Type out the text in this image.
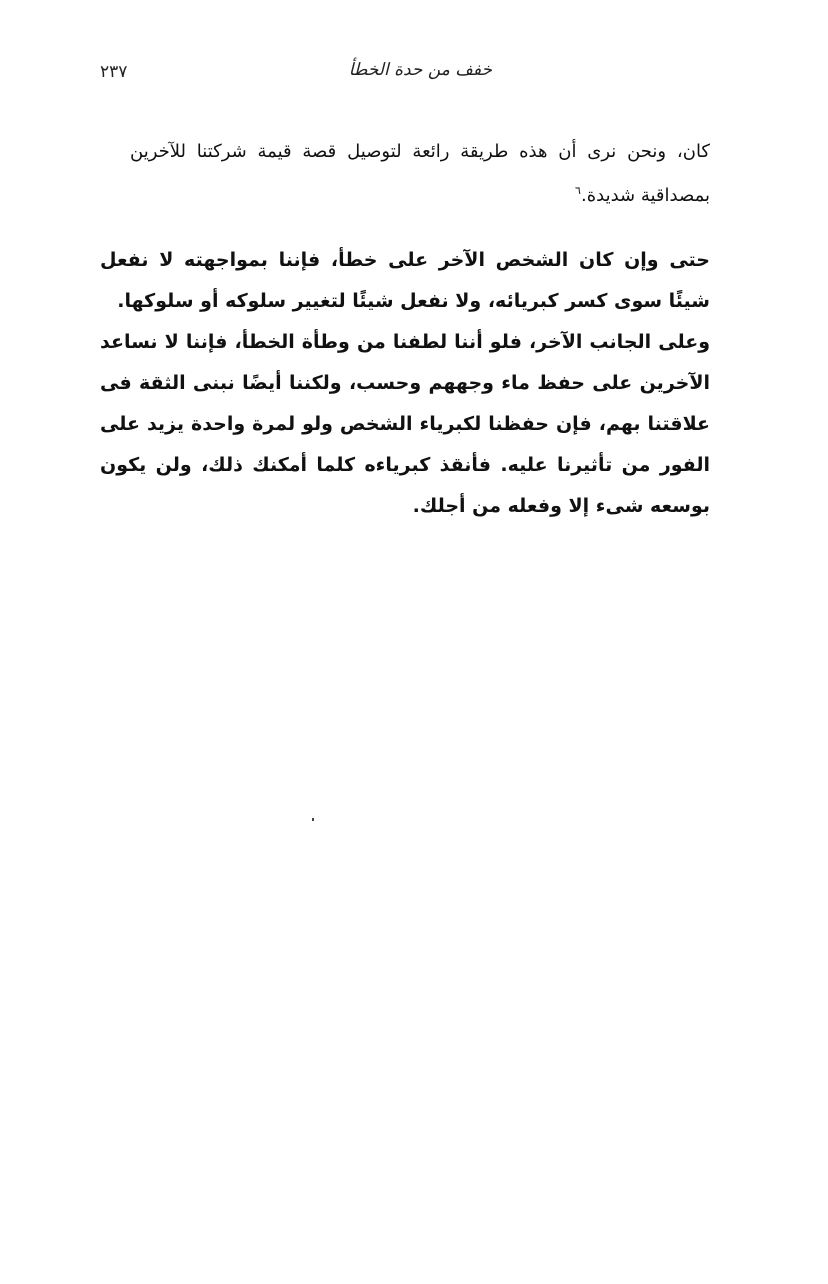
خفف من حدة الخطأ
٢٣٧
كان، ونحن نرى أن هذه طريقة رائعة لتوصيل قصة قيمة شركتنا للآخرين بمصداقية شديدة.$^٦$

حتى وإن كان الشخص الآخر على خطأ، فإننا بمواجهته لا نفعل شيئًا سوى كسر كبريائه، ولا نفعل شيئًا لتغيير سلوكه أو سلوكها.

وعلى الجانب الآخر، فلو أننا لطفنا من وطأة الخطأ، فإننا لا نساعد الآخرين على حفظ ماء وجههم وحسب، ولكننا أيضًا نبنى الثقة فى علاقتنا بهم، فإن حفظنا لكبرياء الشخص ولو لمرة واحدة يزيد على الفور من تأثيرنا عليه. فأنقذ كبرياءه كلما أمكنك ذلك، ولن يكون بوسعه شىء إلا وفعله من أجلك.
